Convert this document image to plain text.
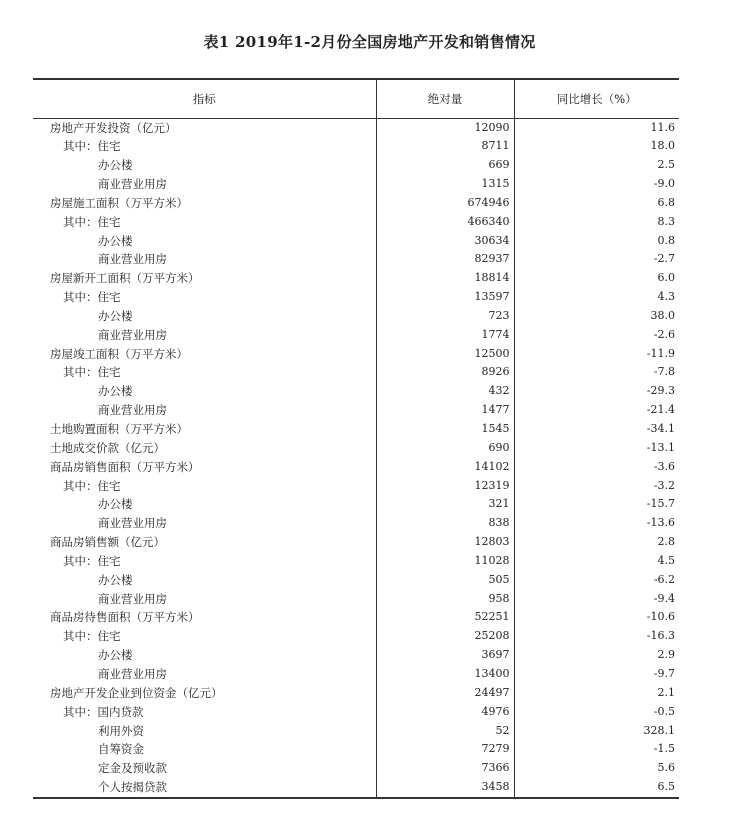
表1 2019年1-2月份全国房地产开发和销售情况
指标	绝对量	同比增长（%）
房地产开发投资（亿元）	12090	11.6
其中：住宅	8711	18.0
办公楼	669	2.5
商业营业用房	1315	-9.0
房屋施工面积（万平方米）	674946	6.8
其中：住宅	466340	8.3
办公楼	30634	0.8
商业营业用房	82937	-2.7
房屋新开工面积（万平方米）	18814	6.0
其中：住宅	13597	4.3
办公楼	723	38.0
商业营业用房	1774	-2.6
房屋竣工面积（万平方米）	12500	-11.9
其中：住宅	8926	-7.8
办公楼	432	-29.3
商业营业用房	1477	-21.4
土地购置面积（万平方米）	1545	-34.1
土地成交价款（亿元）	690	-13.1
商品房销售面积（万平方米）	14102	-3.6
其中：住宅	12319	-3.2
办公楼	321	-15.7
商业营业用房	838	-13.6
商品房销售额（亿元）	12803	2.8
其中：住宅	11028	4.5
办公楼	505	-6.2
商业营业用房	958	-9.4
商品房待售面积（万平方米）	52251	-10.6
其中：住宅	25208	-16.3
办公楼	3697	2.9
商业营业用房	13400	-9.7
房地产开发企业到位资金（亿元）	24497	2.1
其中：国内贷款	4976	-0.5
利用外资	52	328.1
自筹资金	7279	-1.5
定金及预收款	7366	5.6
个人按揭贷款	3458	6.5
